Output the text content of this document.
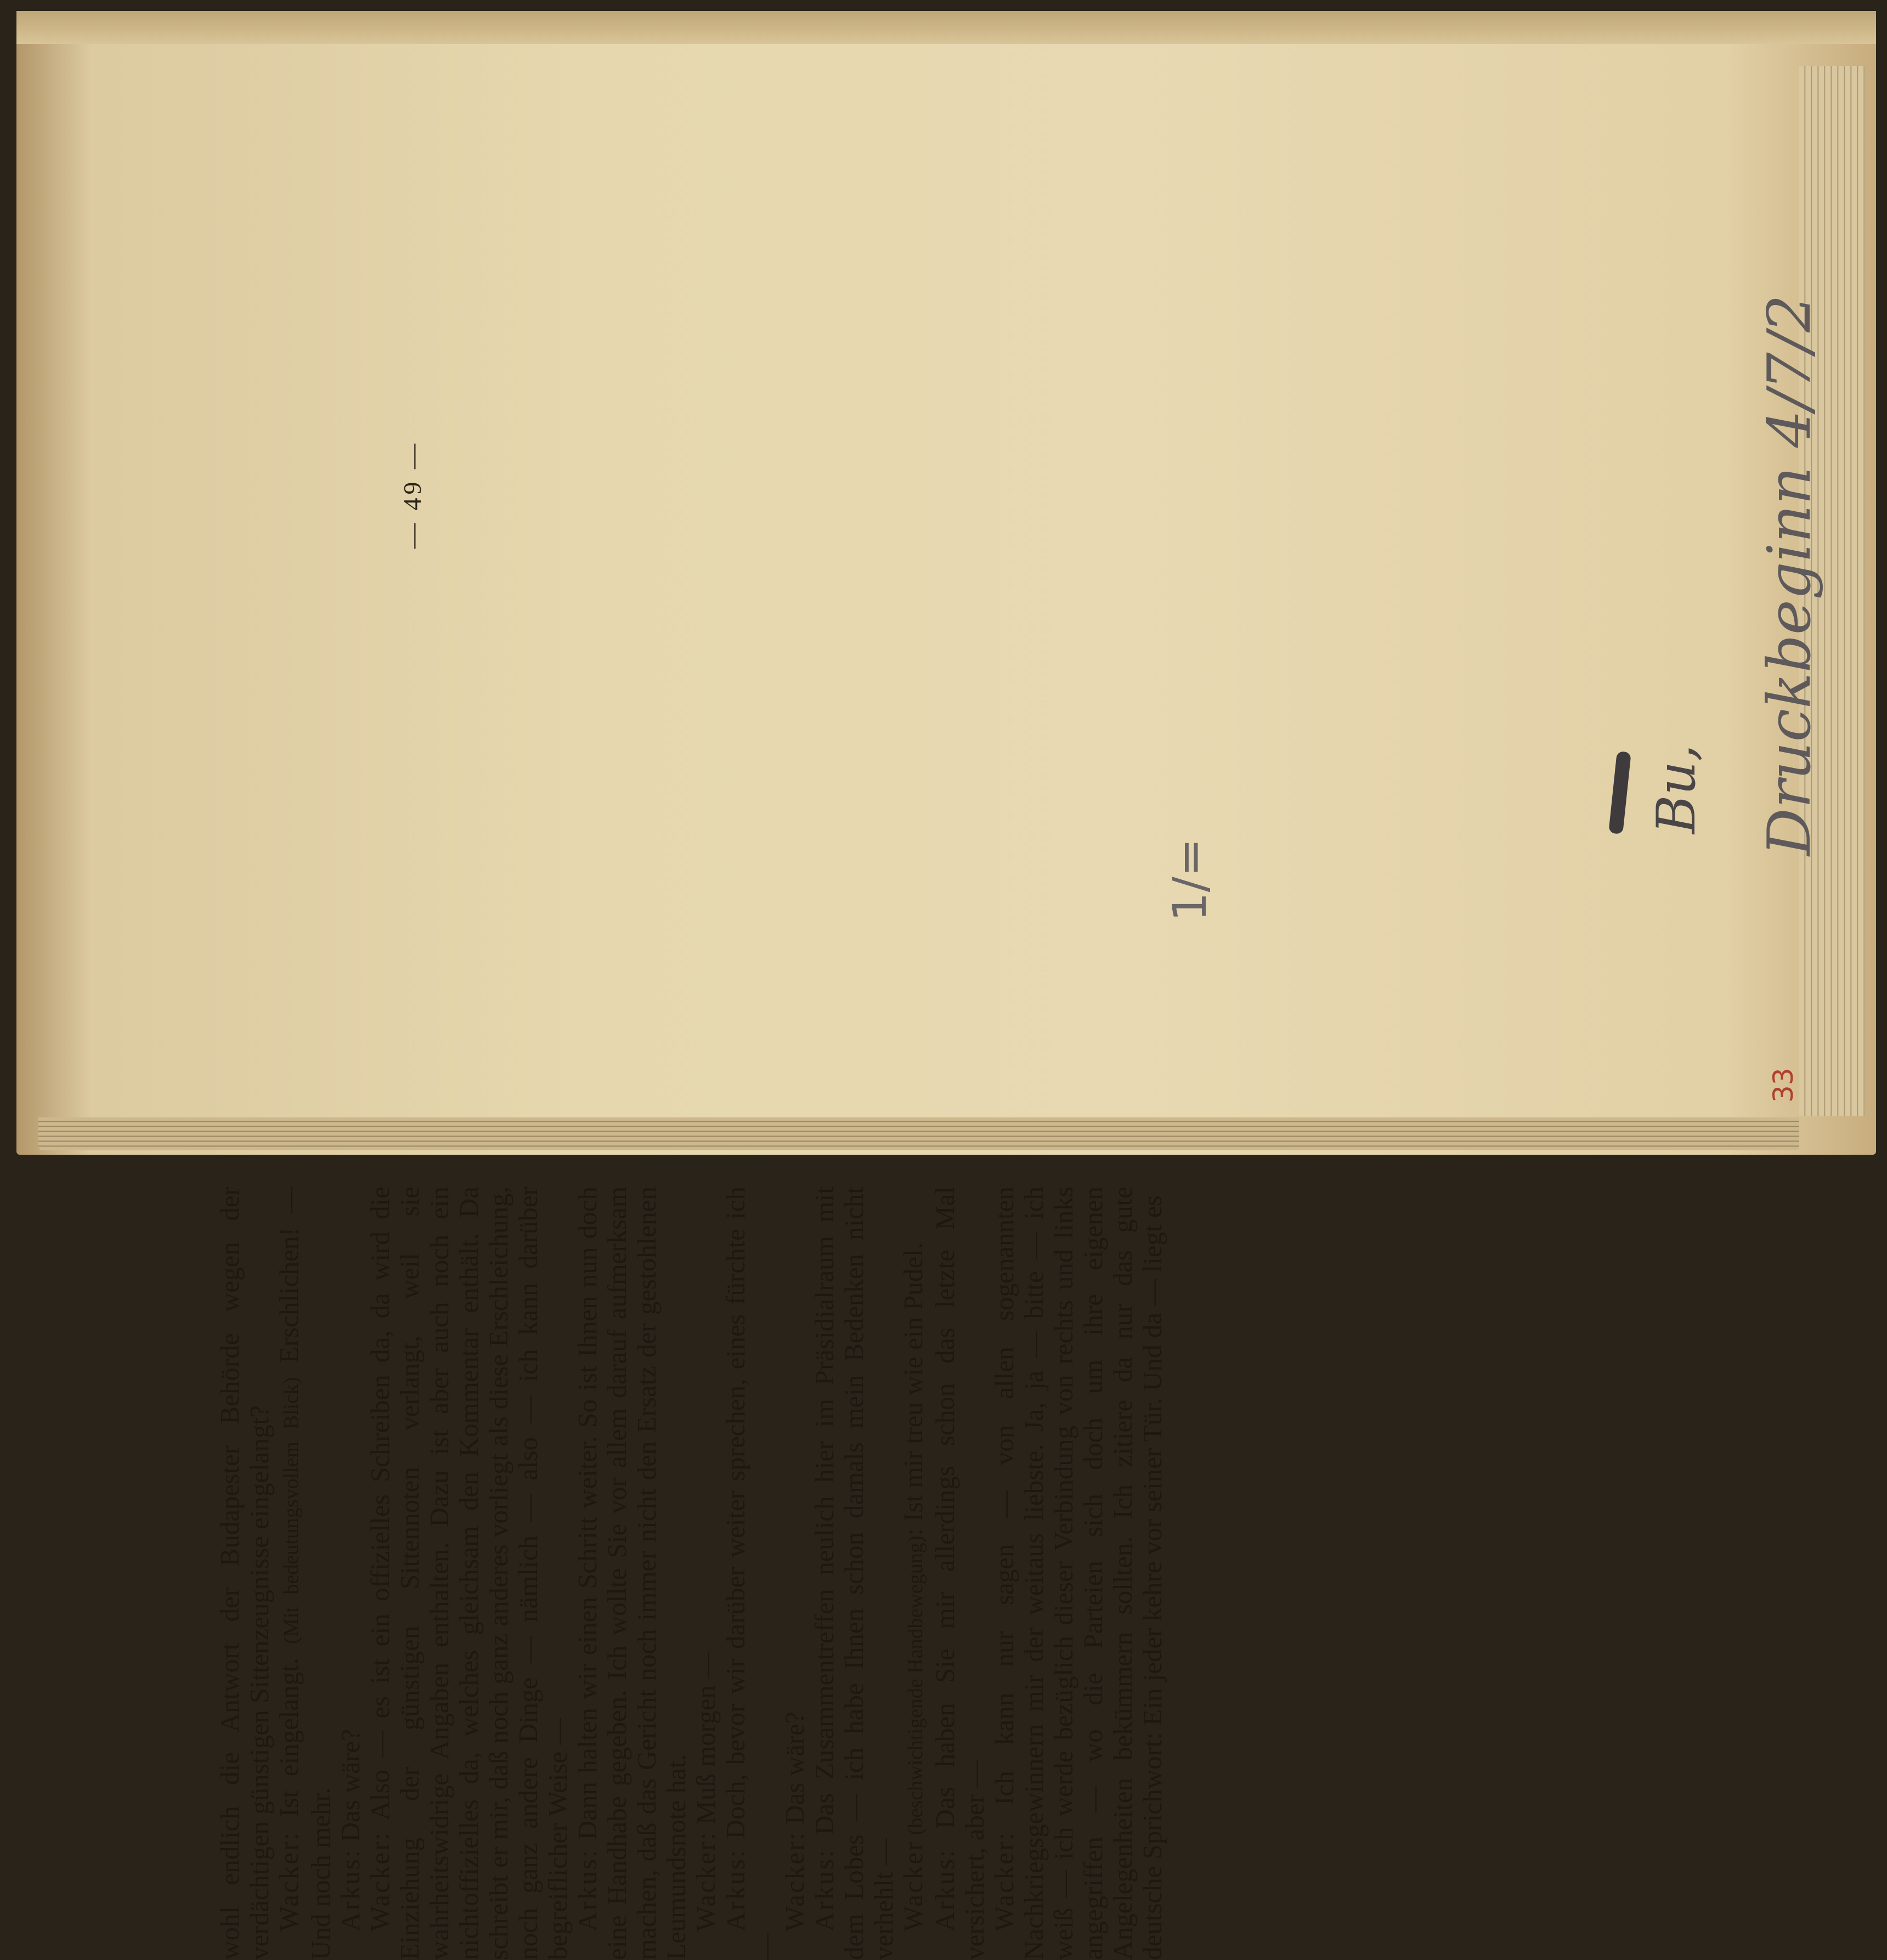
wohl endlich die Antwort der Budapester Behörde wegen der verdächtigen günstigen Sittenzeugnisse eingelangt? Wacker: Ist eingelangt. (Mit bedeutungsvollem Blick) Erschlichen! — Und noch mehr. Arkus: Das wäre?

Wacker: Also — es ist ein offizielles Schreiben da, da wird die Einziehung der günstigen Sittennoten verlangt, weil sie wahrheitswidrige Angaben enthalten. Dazu ist aber auch noch ein nichtoffizielles da, welches gleichsam den Kommentar enthält. Da schreibt er mir, daß noch ganz anderes vorliegt als diese Erschleichung, noch ganz andere Dinge — nämlich — also — ich kann darüber begreiflicher Weise — Arkus: Dann halten wir einen Schritt weiter. So ist Ihnen nun doch eine Handhabe gegeben. Ich wollte Sie vor allem darauf aufmerksam machen, daß das Gericht noch immer nicht den Ersatz der gestohlenen Leumundsnote hat. Wacker: Muß morgen —

Arkus: Doch, bevor wir darüber weiter sprechen, eines fürchte ich —

Wacker: Das wäre?

Arkus: Das Zusammentreffen neulich hier im Präsidialraum mit dem Lobes — ich habe Ihnen schon damals mein Bedenken nicht verhehlt — Wacker (beschwichtigende Handbewegung): Ist mir treu wie ein Pudel.

Arkus: Das haben Sie mir allerdings schon das letzte Mal versichert, aber — Wacker: Ich kann nur sagen — von allen sogenannten Nachkriegsgewinnern mir der weitaus liebste. Ja, ja — bitte — ich weiß — ich werde bezüglich dieser Verbindung von rechts und links angegriffen — wo die Parteien sich doch um ihre eigenen Angelegenheiten bekümmern sollten. Ich zitiere da nur das gute deutsche Sprichwort: Ein jeder kehre vor seiner Tür. Und da — liegt es

— 49 —	Druckbeginn 4/7/2
Bu,
1/=
33
